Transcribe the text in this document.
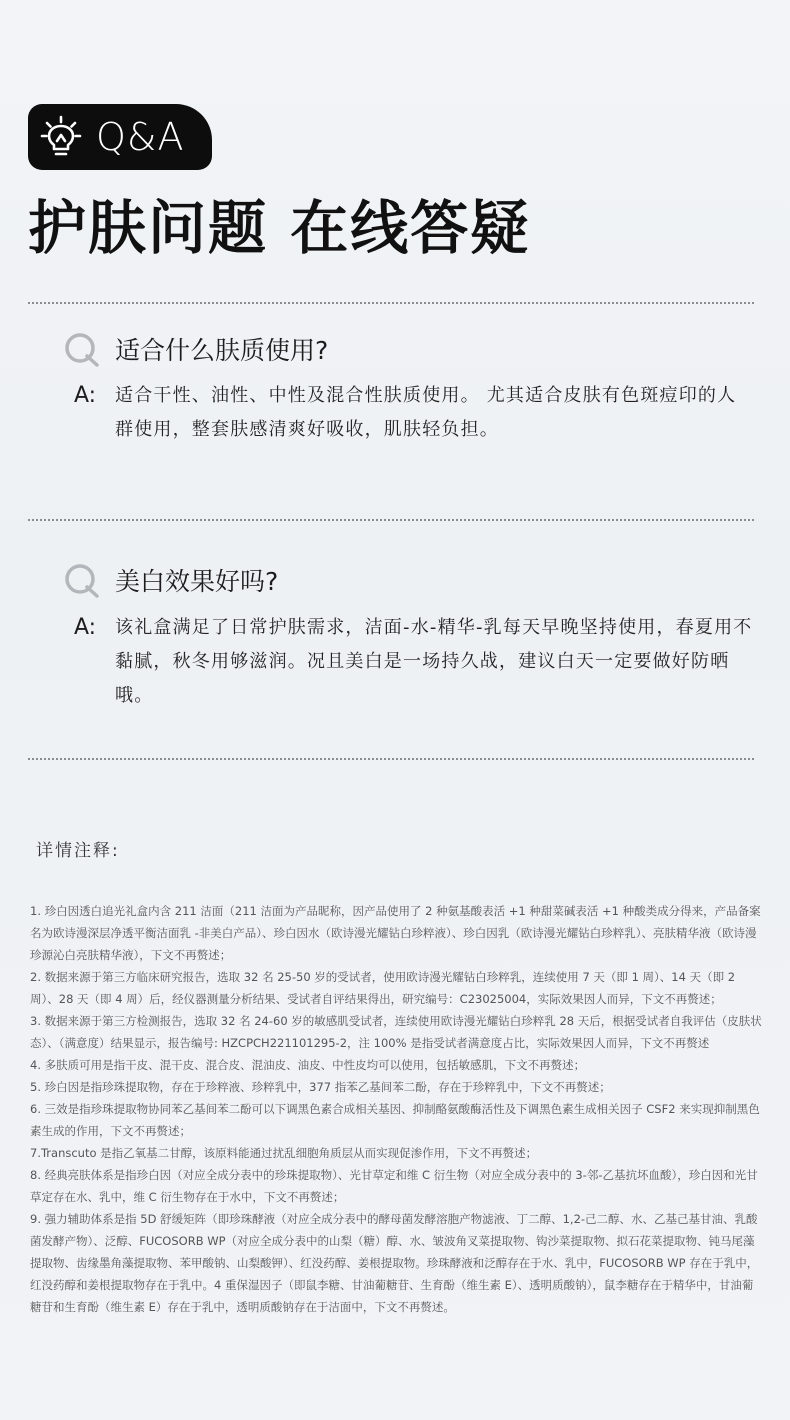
Q&A
护肤问题 在线答疑
适合什么肤质使用?
A: 适合干性、油性、中性及混合性肤质使用。 尤其适合皮肤有色斑痘印的人群使用，整套肤感清爽好吸收，肌肤轻负担。
美白效果好吗?
A: 该礼盒满足了日常护肤需求，洁面-水-精华-乳每天早晚坚持使用，春夏用不黏腻，秋冬用够滋润。况且美白是一场持久战，建议白天一定要做好防晒哦。
详情注释:

1. 珍白因透白追光礼盒内含 211 洁面（211 洁面为产品昵称，因产品使用了 2 种氨基酸表活 +1 种甜菜碱表活 +1 种酸类成分得来，产品备案名为欧诗漫深层净透平衡洁面乳 -非美白产品）、珍白因水（欧诗漫光耀钻白珍粹液）、珍白因乳（欧诗漫光耀钻白珍粹乳）、亮肤精华液（欧诗漫珍源沁白亮肤精华液），下文不再赘述；

2. 数据来源于第三方临床研究报告，选取 32 名 25-50 岁的受试者，使用欧诗漫光耀钻白珍粹乳，连续使用 7 天（即 1 周）、14 天（即 2 周）、28 天（即 4 周）后，经仪器测量分析结果、受试者自评结果得出，研究编号：C23025004，实际效果因人而异，下文不再赘述；

3. 数据来源于第三方检测报告，选取 32 名 24-60 岁的敏感肌受试者，连续使用欧诗漫光耀钻白珍粹乳 28 天后，根据受试者自我评估（皮肤状态）、（满意度）结果显示，报告编号: HZCPCH221101295-2，注 100% 是指受试者满意度占比，实际效果因人而异，下文不再赘述

4. 多肤质可用是指干皮、混干皮、混合皮、混油皮、油皮、中性皮均可以使用，包括敏感肌，下文不再赘述；

5. 珍白因是指珍珠提取物，存在于珍粹液、珍粹乳中，377 指苯乙基间苯二酚，存在于珍粹乳中，下文不再赘述；

6. 三效是指珍珠提取物协同苯乙基间苯二酚可以下调黑色素合成相关基因、抑制酪氨酸酶活性及下调黑色素生成相关因子 CSF2 来实现抑制黑色素生成的作用，下文不再赘述；

7.Transcuto 是指乙氧基二甘醇，该原料能通过扰乱细胞角质层从而实现促渗作用，下文不再赘述；

8. 经典亮肤体系是指珍白因（对应全成分表中的珍珠提取物）、光甘草定和维 C 衍生物（对应全成分表中的 3-邻-乙基抗坏血酸），珍白因和光甘草定存在水、乳中，维 C 衍生物存在于水中，下文不再赘述；

9. 强力辅助体系是指 5D 舒缓矩阵（即珍珠酵液（对应全成分表中的酵母菌发酵溶胞产物滤液、丁二醇、1,2-己二醇、水、乙基己基甘油、乳酸菌发酵产物）、泛醇、FUCOSORB WP（对应全成分表中的山梨（糖）醇、水、皱波角叉菜提取物、钩沙菜提取物、拟石花菜提取物、钝马尾藻提取物、齿缘墨角藻提取物、苯甲酸钠、山梨酸钾）、红没药醇、姜根提取物。珍珠酵液和泛醇存在于水、乳中，FUCOSORB WP 存在于乳中，红没药醇和姜根提取物存在于乳中。4 重保湿因子（即鼠李糖、甘油葡糖苷、生育酚（维生素 E）、透明质酸钠），鼠李糖存在于精华中，甘油葡糖苷和生育酚（维生素 E）存在于乳中，透明质酸钠存在于洁面中，下文不再赘述。
